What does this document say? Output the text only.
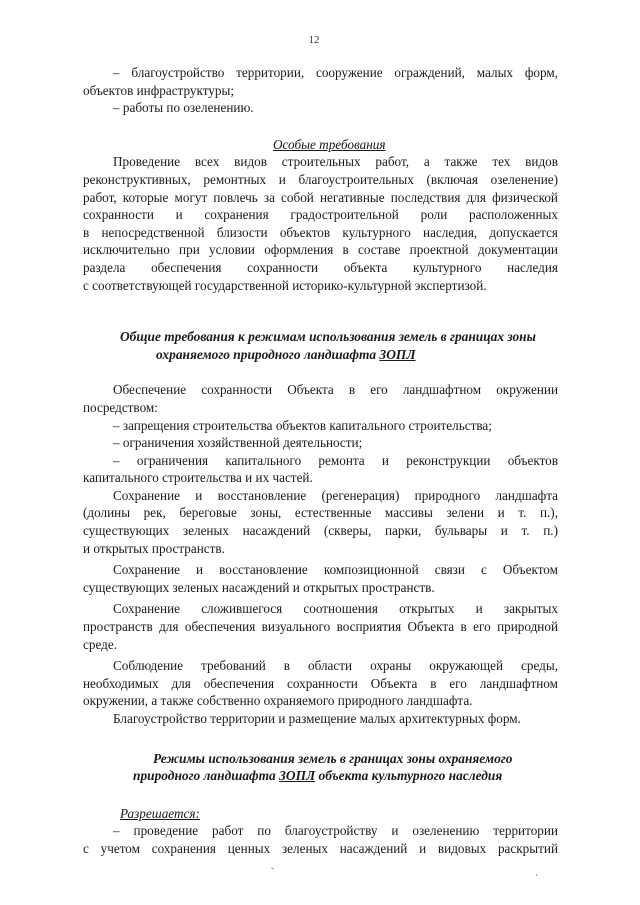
12

– благоустройство территории, сооружение ограждений, малых форм,

объектов инфраструктуры;

– работы по озеленению.

Особые требования

Проведение всех видов строительных работ, а также тех видов

реконструктивных, ремонтных и благоустроительных (включая озеленение)

работ, которые могут повлечь за собой негативные последствия для физической

сохранности и сохранения градостроительной роли расположенных

в непосредственной близости объектов культурного наследия, допускается

исключительно при условии оформления в составе проектной документации

раздела обеспечения сохранности объекта культурного наследия

с соответствующей государственной историко-культурной экспертизой.

Общие требования к режимам использования земель в границах зоны

охраняемого природного ландшафта ЗОПЛ

Обеспечение сохранности Объекта в его ландшафтном окружении

посредством:

– запрещения строительства объектов капитального строительства;

– ограничения хозяйственной деятельности;

– ограничения капитального ремонта и реконструкции объектов

капитального строительства и их частей.

Сохранение и восстановление (регенерация) природного ландшафта

(долины рек, береговые зоны, естественные массивы зелени и т. п.),

существующих зеленых насаждений (скверы, парки, бульвары и т. п.)

и открытых пространств.

Сохранение и восстановление композиционной связи с Объектом

существующих зеленых насаждений и открытых пространств.

Сохранение сложившегося соотношения открытых и закрытых

пространств для обеспечения визуального восприятия Объекта в его природной

среде.

Соблюдение требований в области охраны окружающей среды,

необходимых для обеспечения сохранности Объекта в его ландшафтном

окружении, а также собственно охраняемого природного ландшафта.

Благоустройство территории и размещение малых архитектурных форм.

Режимы использования земель в границах зоны охраняемого

природного ландшафта ЗОПЛ объекта культурного наследия

Разрешается:

– проведение работ по благоустройству и озеленению территории

с учетом сохранения ценных зеленых насаждений и видовых раскрытий

ˇ	¸
